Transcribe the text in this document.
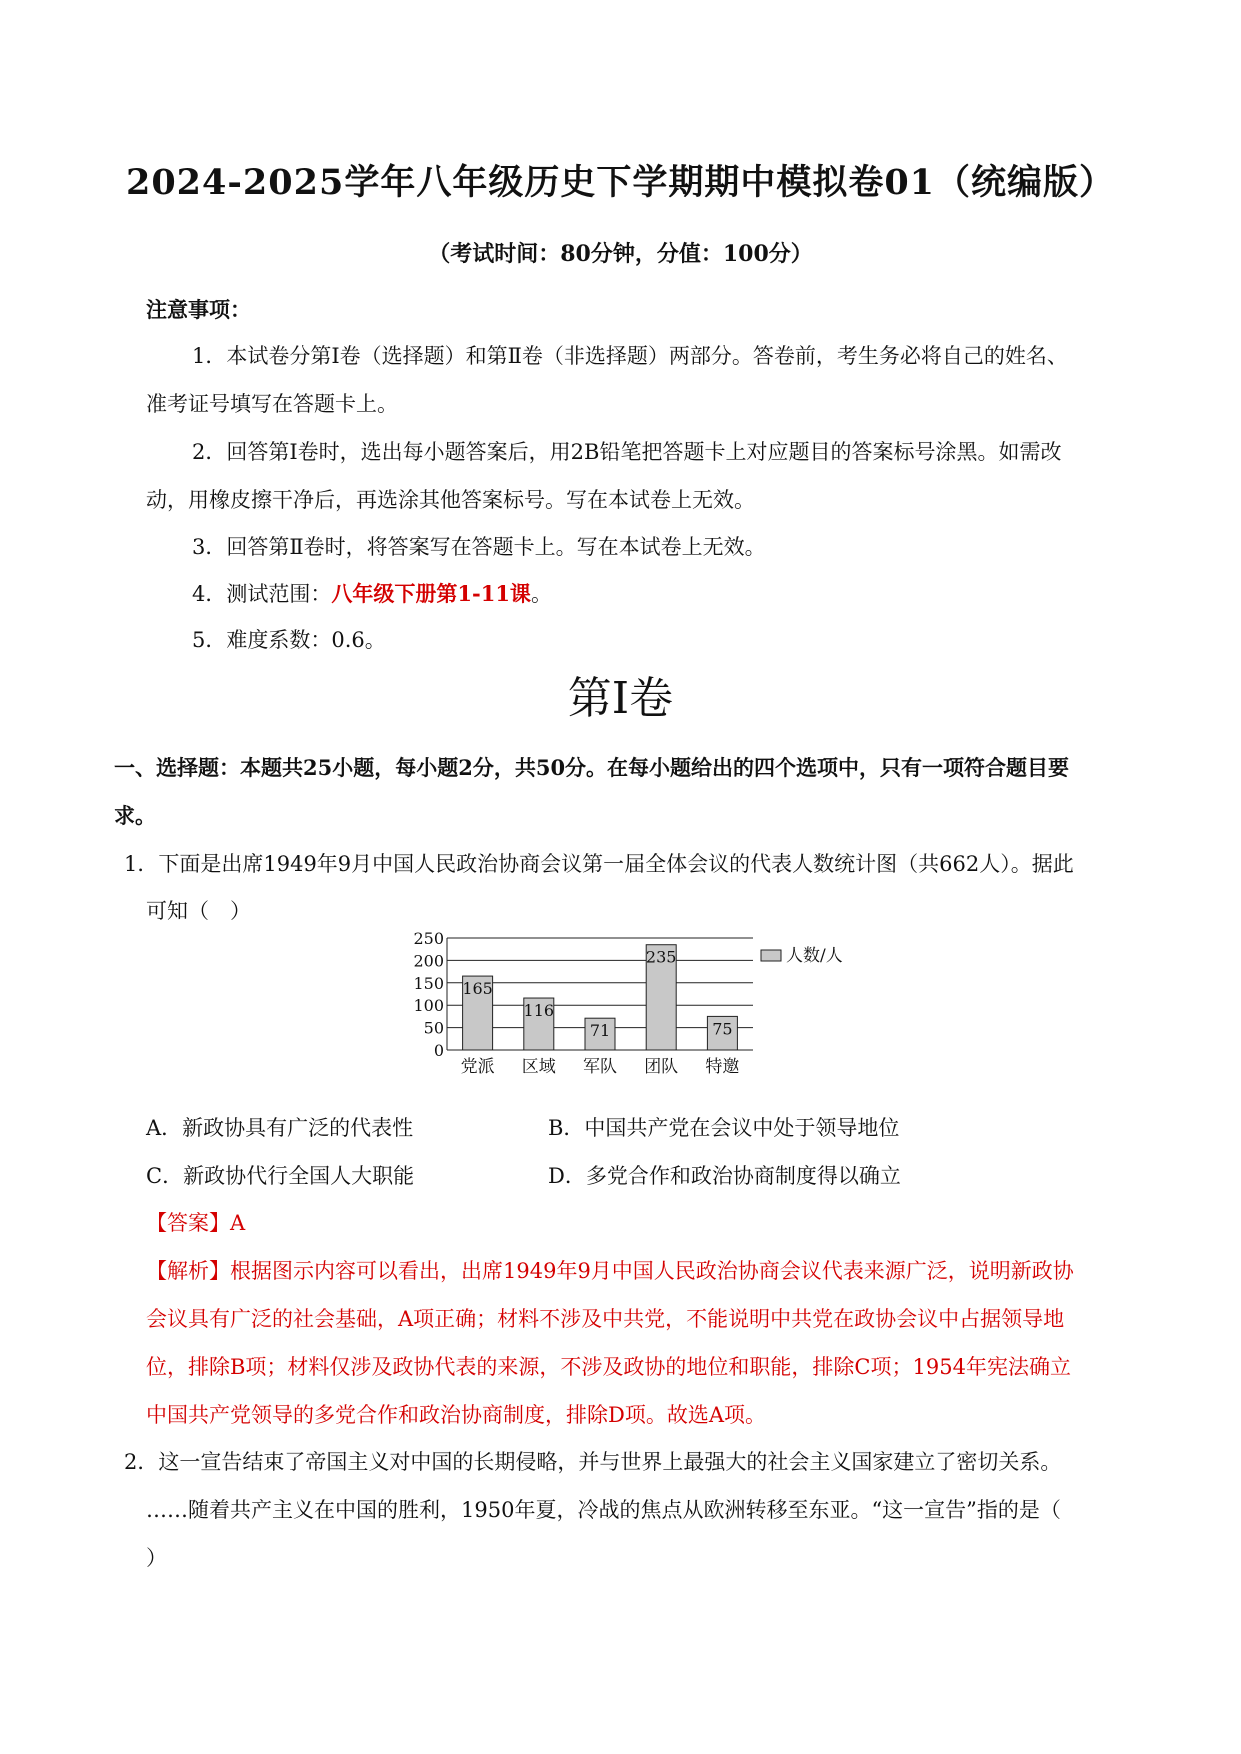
2024-2025学年八年级历史下学期期中模拟卷01（统编版）
（考试时间：80分钟，分值：100分）
注意事项：
1．本试卷分第Ⅰ卷（选择题）和第Ⅱ卷（非选择题）两部分。答卷前，考生务必将自己的姓名、
准考证号填写在答题卡上。
2．回答第Ⅰ卷时，选出每小题答案后，用2B铅笔把答题卡上对应题目的答案标号涂黑。如需改
动，用橡皮擦干净后，再选涂其他答案标号。写在本试卷上无效。
3．回答第Ⅱ卷时，将答案写在答题卡上。写在本试卷上无效。
4．测试范围：八年级下册第1-11课。
5．难度系数：0.6。
第Ⅰ卷
一、选择题：本题共25小题，每小题2分，共50分。在每小题给出的四个选项中，只有一项符合题目要
求。
1．下面是出席1949年9月中国人民政治协商会议第一届全体会议的代表人数统计图（共662人）。据此
可知（　）
0
50
100
150
200
250
165
党派
116
区域
71
军队
235
团队
75
特邀
人数/人
A．新政协具有广泛的代表性	B．中国共产党在会议中处于领导地位
C．新政协代行全国人大职能	D．多党合作和政治协商制度得以确立
【答案】A
【解析】根据图示内容可以看出，出席1949年9月中国人民政治协商会议代表来源广泛，说明新政协
会议具有广泛的社会基础，A项正确；材料不涉及中共党，不能说明中共党在政协会议中占据领导地
位，排除B项；材料仅涉及政协代表的来源，不涉及政协的地位和职能，排除C项；1954年宪法确立
中国共产党领导的多党合作和政治协商制度，排除D项。故选A项。
2．这一宣告结束了帝国主义对中国的长期侵略，并与世界上最强大的社会主义国家建立了密切关系。
……随着共产主义在中国的胜利，1950年夏，冷战的焦点从欧洲转移至东亚。“这一宣告”指的是（
）
